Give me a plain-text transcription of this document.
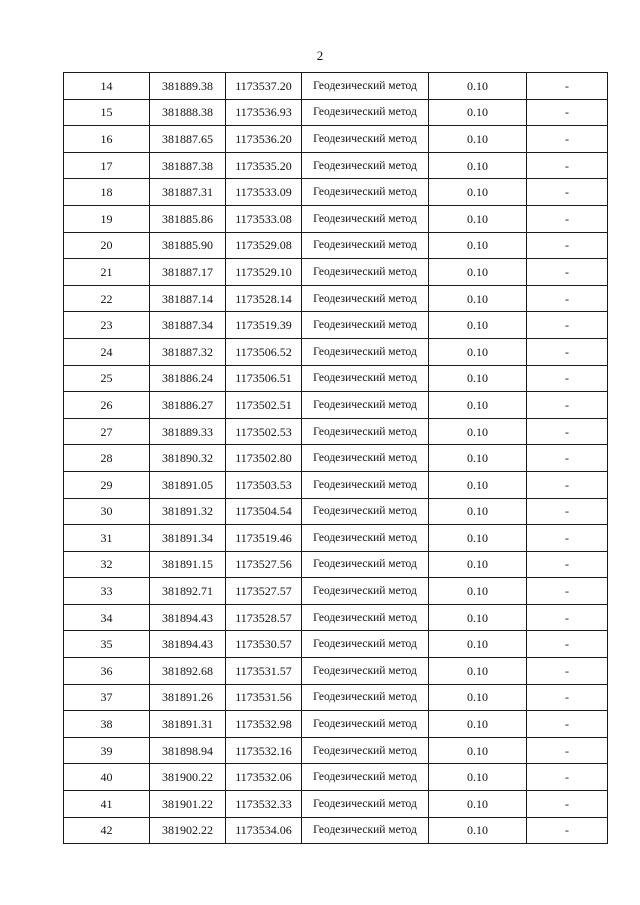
2
14	381889.38	1173537.20	Геодезический метод	0.10	-
15	381888.38	1173536.93	Геодезический метод	0.10	-
16	381887.65	1173536.20	Геодезический метод	0.10	-
17	381887.38	1173535.20	Геодезический метод	0.10	-
18	381887.31	1173533.09	Геодезический метод	0.10	-
19	381885.86	1173533.08	Геодезический метод	0.10	-
20	381885.90	1173529.08	Геодезический метод	0.10	-
21	381887.17	1173529.10	Геодезический метод	0.10	-
22	381887.14	1173528.14	Геодезический метод	0.10	-
23	381887.34	1173519.39	Геодезический метод	0.10	-
24	381887.32	1173506.52	Геодезический метод	0.10	-
25	381886.24	1173506.51	Геодезический метод	0.10	-
26	381886.27	1173502.51	Геодезический метод	0.10	-
27	381889.33	1173502.53	Геодезический метод	0.10	-
28	381890.32	1173502.80	Геодезический метод	0.10	-
29	381891.05	1173503.53	Геодезический метод	0.10	-
30	381891.32	1173504.54	Геодезический метод	0.10	-
31	381891.34	1173519.46	Геодезический метод	0.10	-
32	381891.15	1173527.56	Геодезический метод	0.10	-
33	381892.71	1173527.57	Геодезический метод	0.10	-
34	381894.43	1173528.57	Геодезический метод	0.10	-
35	381894.43	1173530.57	Геодезический метод	0.10	-
36	381892.68	1173531.57	Геодезический метод	0.10	-
37	381891.26	1173531.56	Геодезический метод	0.10	-
38	381891.31	1173532.98	Геодезический метод	0.10	-
39	381898.94	1173532.16	Геодезический метод	0.10	-
40	381900.22	1173532.06	Геодезический метод	0.10	-
41	381901.22	1173532.33	Геодезический метод	0.10	-
42	381902.22	1173534.06	Геодезический метод	0.10	-
